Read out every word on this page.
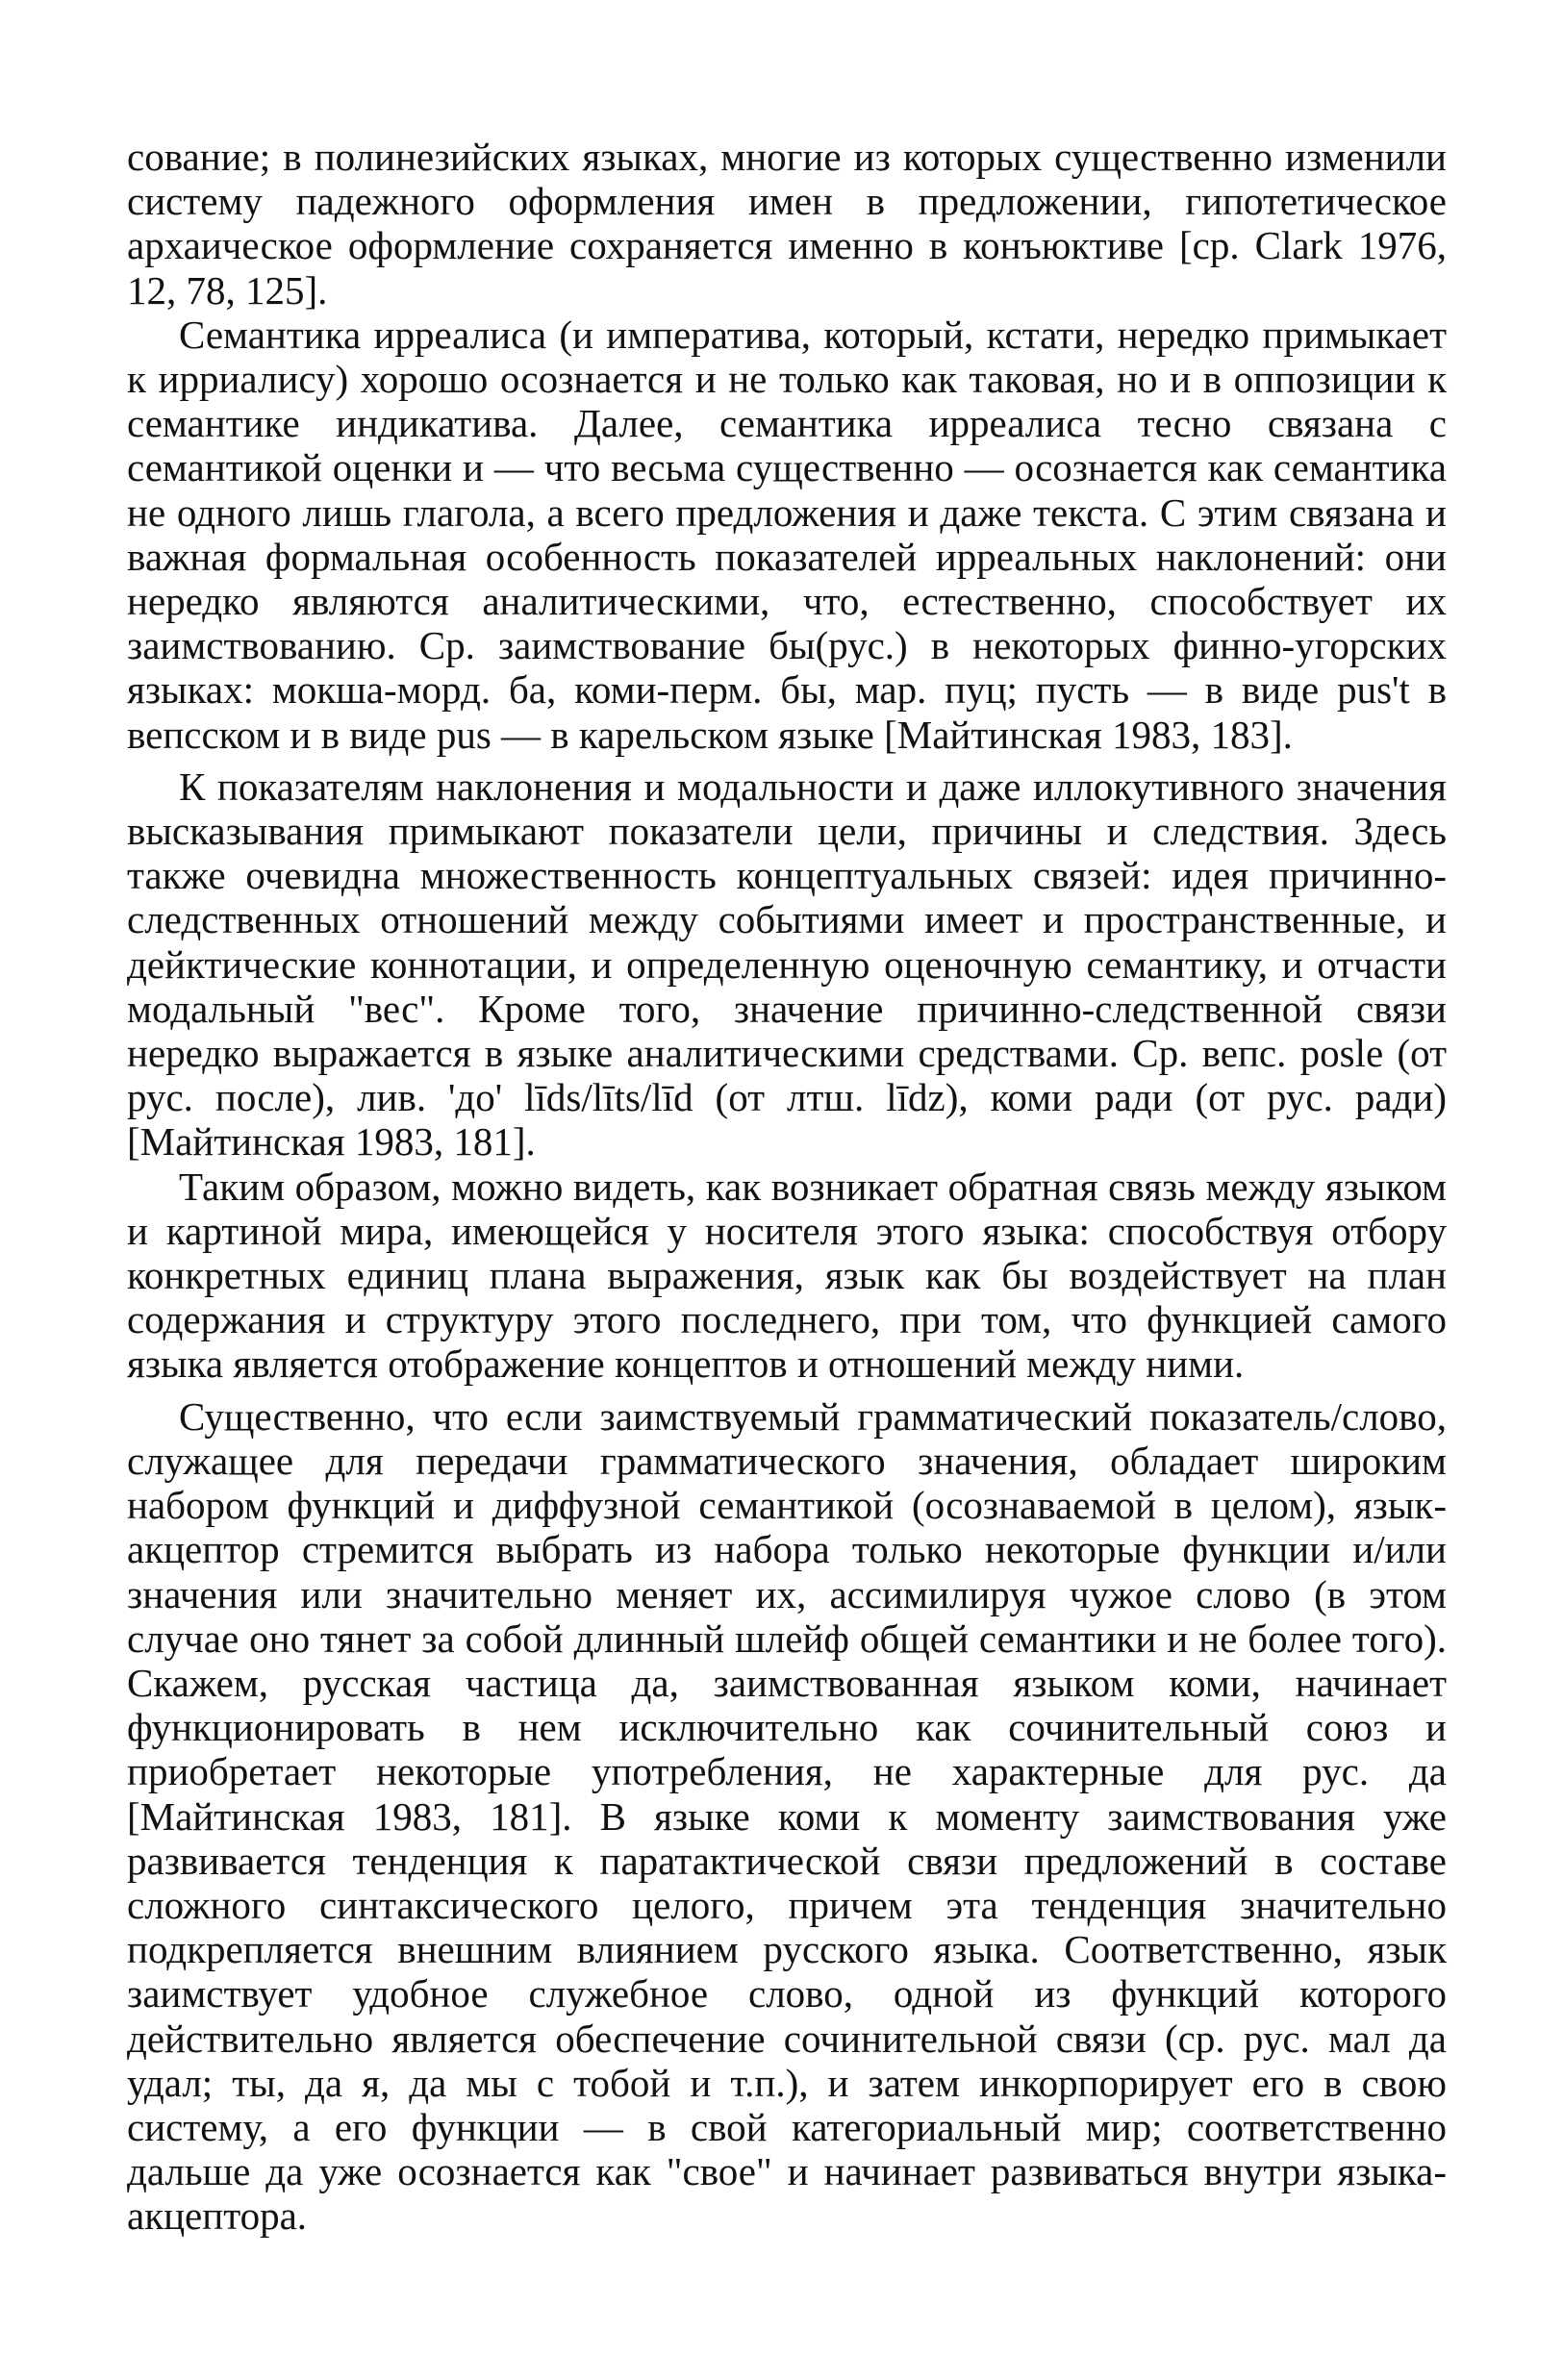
сование; в полинезийских языках, многие из которых существенно изменили систему падежного оформления имен в предложении, гипотетическое архаическое оформление сохраняется именно в конъюктиве [ср. Clark 1976, 12, 78, 125].

Семантика ирреалиса (и императива, который, кстати, нередко примыкает к ирриалису) хорошо осознается и не только как таковая, но и в оппозиции к семантике индикатива. Далее, семантика ирреалиса тесно связана с семантикой оценки и — что весьма существенно — осознается как семантика не одного лишь глагола, а всего предложения и даже текста. С этим связана и важная формальная особенность показателей ирреальных наклонений: они нередко являются аналитическими, что, естественно, способствует их заимствованию. Ср. заимствование бы(рус.) в некоторых финно-угорских языках: мокша-морд. ба, коми-перм. бы, мар. пуц; пусть — в виде pus't в вепсском и в виде pus — в карельском языке [Майтинская 1983, 183].

К показателям наклонения и модальности и даже иллокутивного значения высказывания примыкают показатели цели, причины и следствия. Здесь также очевидна множественность концептуальных связей: идея причинно-следственных отношений между событиями имеет и пространственные, и дейктические коннотации, и определенную оценочную семантику, и отчасти модальный "вес". Кроме того, значение причинно-следственной связи нередко выражается в языке аналитическими средствами. Ср. вепс. posle (от рус. после), лив. 'до' līds/līts/līd (от лтш. līdz), коми ради (от рус. ради) [Майтинская 1983, 181].

Таким образом, можно видеть, как возникает обратная связь между языком и картиной мира, имеющейся у носителя этого языка: способствуя отбору конкретных единиц плана выражения, язык как бы воздействует на план содержания и структуру этого последнего, при том, что функцией самого языка является отображение концептов и отношений между ними.

Существенно, что если заимствуемый грамматический показатель/слово, служащее для передачи грамматического значения, обладает широким набором функций и диффузной семантикой (осознаваемой в целом), язык-акцептор стремится выбрать из набора только некоторые функции и/или значения или значительно меняет их, ассимилируя чужое слово (в этом случае оно тянет за собой длинный шлейф общей семантики и не более того). Скажем, русская частица да, заимствованная языком коми, начинает функционировать в нем исключительно как сочинительный союз и приобретает некоторые употребления, не характерные для рус. да [Майтинская 1983, 181]. В языке коми к моменту заимствования уже развивается тенденция к паратактической связи предложений в составе сложного синтаксического целого, причем эта тенденция значительно подкрепляется внешним влиянием русского языка. Соответственно, язык заимствует удобное служебное слово, одной из функций которого действительно является обеспечение сочинительной связи (ср. рус. мал да удал; ты, да я, да мы с тобой и т.п.), и затем инкорпорирует его в свою систему, а его функции — в свой категориальный мир; соответственно дальше да уже осознается как "свое" и начинает развиваться внутри языка-акцептора.
